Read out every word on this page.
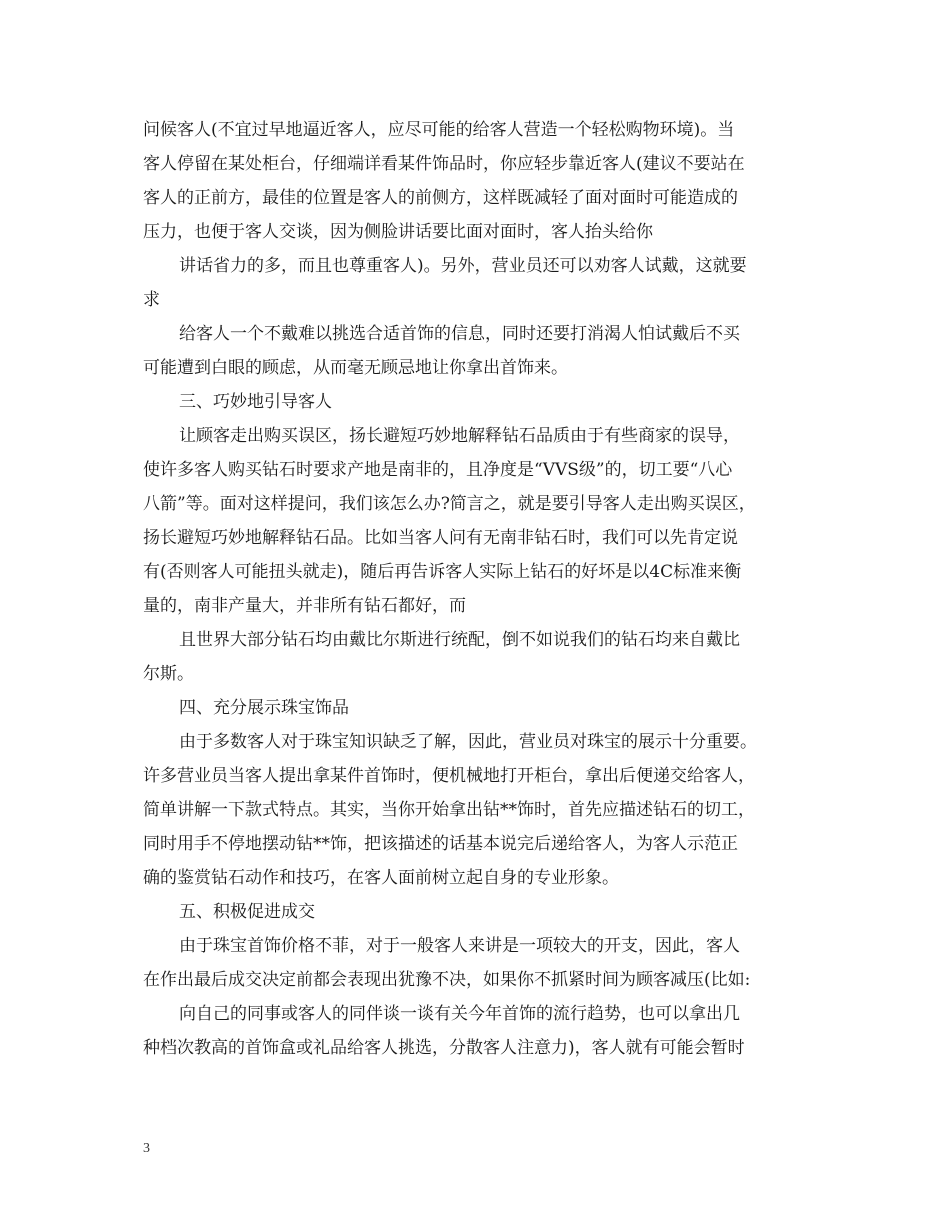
问候客人(不宜过早地逼近客人，应尽可能的给客人营造一个轻松购物环境)。当
客人停留在某处柜台，仔细端详看某件饰品时，你应轻步靠近客人(建议不要站在
客人的正前方，最佳的位置是客人的前侧方，这样既减轻了面对面时可能造成的
压力，也便于客人交谈，因为侧脸讲话要比面对面时，客人抬头给你
讲话省力的多，而且也尊重客人)。另外，营业员还可以劝客人试戴，这就要
求
给客人一个不戴难以挑选合适首饰的信息，同时还要打消渴人怕试戴后不买
可能遭到白眼的顾虑，从而毫无顾忌地让你拿出首饰来。
三、巧妙地引导客人
让顾客走出购买误区，扬长避短巧妙地解释钻石品质由于有些商家的误导，
使许多客人购买钻石时要求产地是南非的，且净度是“VVS级”的，切工要“八心
八箭”等。面对这样提问，我们该怎么办?简言之，就是要引导客人走出购买误区，
扬长避短巧妙地解释钻石品。比如当客人问有无南非钻石时，我们可以先肯定说
有(否则客人可能扭头就走)，随后再告诉客人实际上钻石的好坏是以4C标准来衡
量的，南非产量大，并非所有钻石都好，而
且世界大部分钻石均由戴比尔斯进行统配，倒不如说我们的钻石均来自戴比
尔斯。
四、充分展示珠宝饰品
由于多数客人对于珠宝知识缺乏了解，因此，营业员对珠宝的展示十分重要。
许多营业员当客人提出拿某件首饰时，便机械地打开柜台，拿出后便递交给客人，
简单讲解一下款式特点。其实，当你开始拿出钻**饰时，首先应描述钻石的切工，
同时用手不停地摆动钻**饰，把该描述的话基本说完后递给客人，为客人示范正
确的鉴赏钻石动作和技巧，在客人面前树立起自身的专业形象。
五、积极促进成交
由于珠宝首饰价格不菲，对于一般客人来讲是一项较大的开支，因此，客人
在作出最后成交决定前都会表现出犹豫不决，如果你不抓紧时间为顾客减压(比如:
向自己的同事或客人的同伴谈一谈有关今年首饰的流行趋势，也可以拿出几
种档次教高的首饰盒或礼品给客人挑选，分散客人注意力)，客人就有可能会暂时
3
